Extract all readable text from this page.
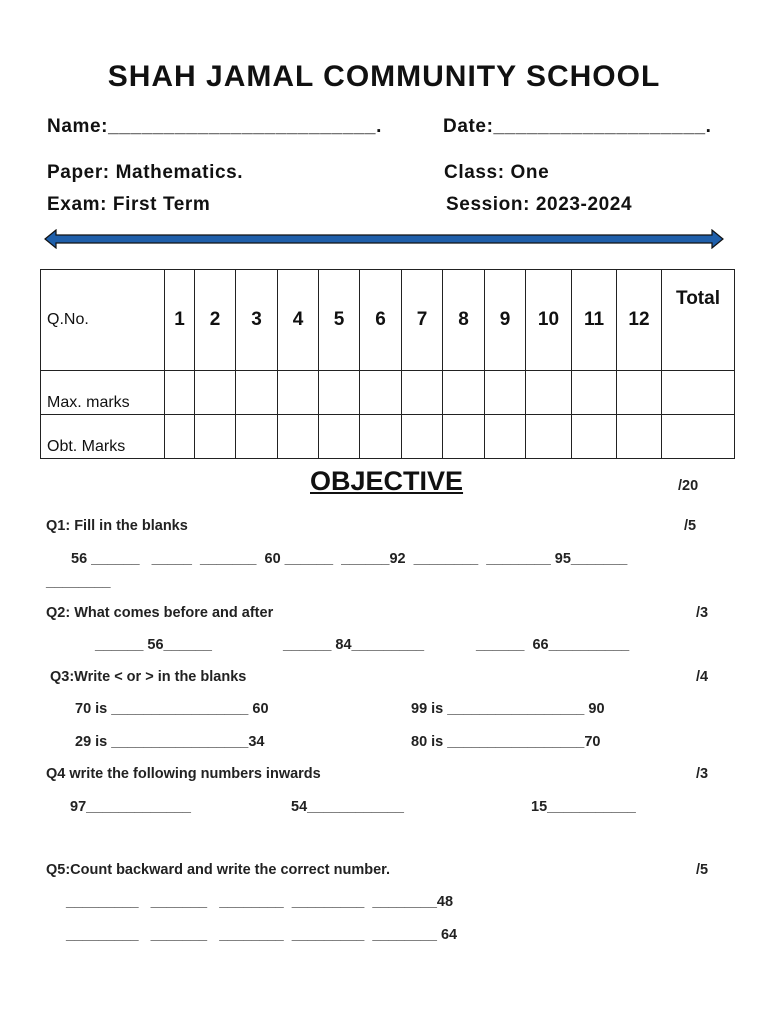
SHAH JAMAL COMMUNITY SCHOOL
Name:________________________.	Date:___________________.
Paper: Mathematics.	Class: One
Exam: First Term	Session: 2023-2024
Q.No.	1	2	3	4	5	6	7	8	9	10	11	12	Total
Max. marks													
Obt. Marks													
OBJECTIVE	/20
Q1: Fill in the blanks	/5
56 ______   _____  _______  60 ______  ______92  ________  ________ 95_______
________
Q2: What comes before and after	/3
______ 56______	______ 84_________	______  66__________
Q3:Write < or > in the blanks	/4
70 is _________________ 60	99 is _________________ 90
29 is _________________34	80 is _________________70
Q4 write the following numbers inwards	/3
97_____________	54____________	15___________
Q5:Count backward and write the correct number.	/5
_________   _______   ________  _________  ________48
_________   _______   ________  _________  ________ 64
